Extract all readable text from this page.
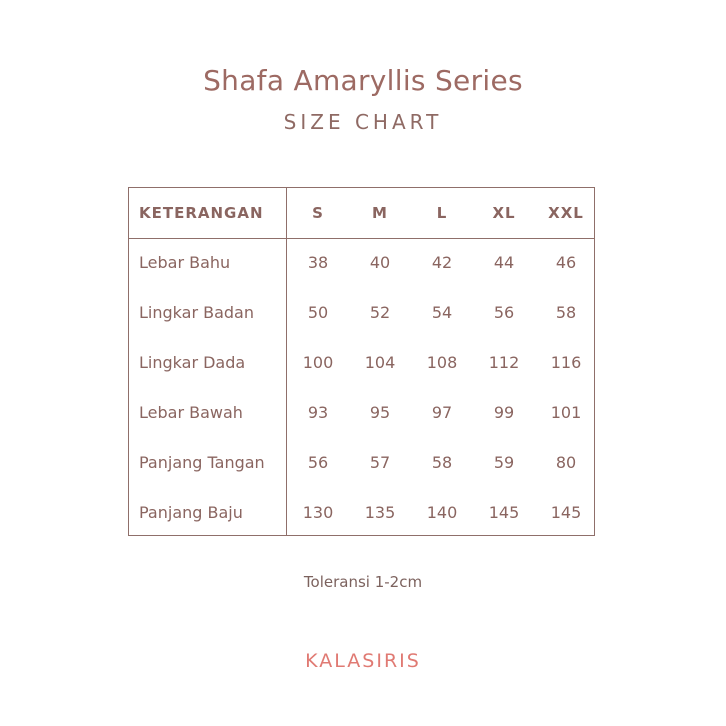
Shafa Amaryllis Series
SIZE CHART
KETERANGAN	S	M	L	XL	XXL
Lebar Bahu	38	40	42	44	46
Lingkar Badan	50	52	54	56	58
Lingkar Dada	100	104	108	112	116
Lebar Bawah	93	95	97	99	101
Panjang Tangan	56	57	58	59	80
Panjang Baju	130	135	140	145	145
Toleransi 1-2cm
KALASIRIS
